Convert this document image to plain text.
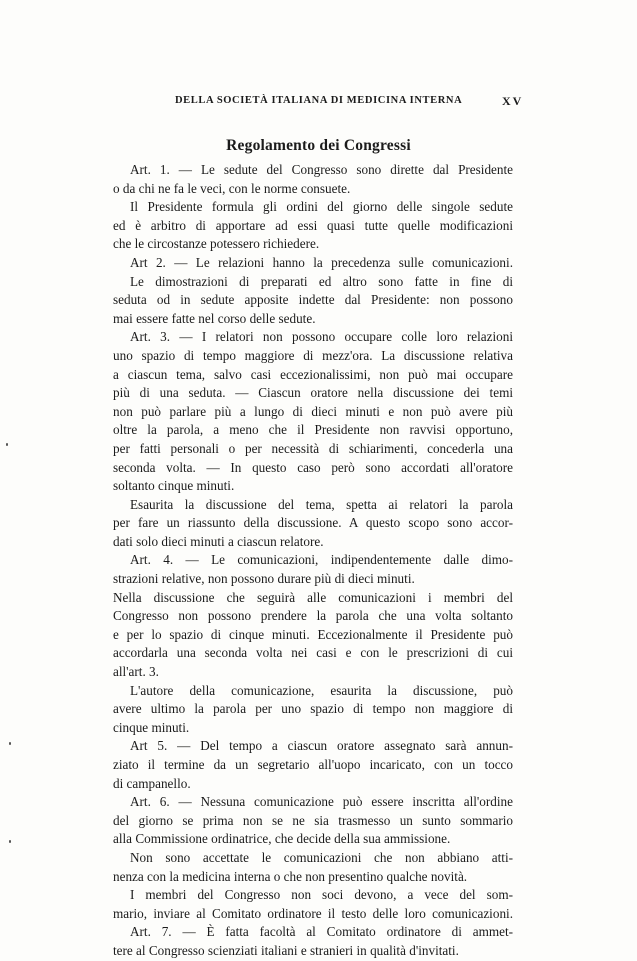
DELLA SOCIETÀ ITALIANA DI MEDICINA INTERNA	XV
Regolamento dei Congressi
Art. 1. — Le sedute del Congresso sono dirette dal Presidente
o da chi ne fa le veci, con le norme consuete.
Il Presidente formula gli ordini del giorno delle singole sedute
ed è arbitro di apportare ad essi quasi tutte quelle modificazioni
che le circostanze potessero richiedere.
Art 2. — Le relazioni hanno la precedenza sulle comunicazioni.
Le dimostrazioni di preparati ed altro sono fatte in fine di
seduta od in sedute apposite indette dal Presidente: non possono
mai essere fatte nel corso delle sedute.
Art. 3. — I relatori non possono occupare colle loro relazioni
uno spazio di tempo maggiore di mezz'ora. La discussione relativa
a ciascun tema, salvo casi eccezionalissimi, non può mai occupare
più di una seduta. — Ciascun oratore nella discussione dei temi
non può parlare più a lungo di dieci minuti e non può avere più
oltre la parola, a meno che il Presidente non ravvisi opportuno,
per fatti personali o per necessità di schiarimenti, concederla una
seconda volta. — In questo caso però sono accordati all'oratore
soltanto cinque minuti.
Esaurita la discussione del tema, spetta ai relatori la parola
per fare un riassunto della discussione. A questo scopo sono accor-
dati solo dieci minuti a ciascun relatore.
Art. 4. — Le comunicazioni, indipendentemente dalle dimo-
strazioni relative, non possono durare più di dieci minuti.
Nella discussione che seguirà alle comunicazioni i membri del
Congresso non possono prendere la parola che una volta soltanto
e per lo spazio di cinque minuti. Eccezionalmente il Presidente può
accordarla una seconda volta nei casi e con le prescrizioni di cui
all'art. 3.
L'autore della comunicazione, esaurita la discussione, può
avere ultimo la parola per uno spazio di tempo non maggiore di
cinque minuti.
Art 5. — Del tempo a ciascun oratore assegnato sarà annun-
ziato il termine da un segretario all'uopo incaricato, con un tocco
di campanello.
Art. 6. — Nessuna comunicazione può essere inscritta all'ordine
del giorno se prima non se ne sia trasmesso un sunto sommario
alla Commissione ordinatrice, che decide della sua ammissione.
Non sono accettate le comunicazioni che non abbiano atti-
nenza con la medicina interna o che non presentino qualche novità.
I membri del Congresso non soci devono, a vece del som-
mario, inviare al Comitato ordinatore il testo delle loro comunicazioni.
Art. 7. — È fatta facoltà al Comitato ordinatore di ammet-
tere al Congresso scienziati italiani e stranieri in qualità d'invitati.
